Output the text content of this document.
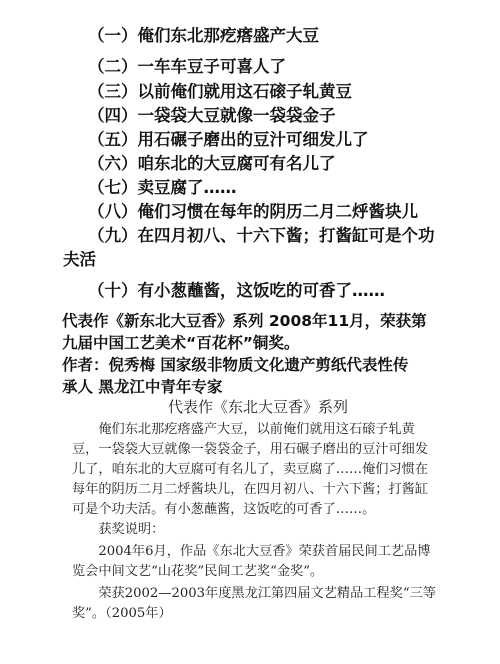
（一）俺们东北那疙瘩盛产大豆
（二）一车车豆子可喜人了
（三）以前俺们就用这石磙子轧黄豆
（四）一袋袋大豆就像一袋袋金子
（五）用石碾子磨出的豆汁可细发儿了
（六）咱东北的大豆腐可有名儿了
（七）卖豆腐了……
（八）俺们习惯在每年的阴历二月二烀酱块儿
（九）在四月初八、十六下酱；打酱缸可是个功
夫活
（十）有小葱蘸酱，这饭吃的可香了……
代表作《新东北大豆香》系列 2008年11月，荣获第
九届中国工艺美术“百花杯”铜奖。
作者：倪秀梅 国家级非物质文化遗产剪纸代表性传
承人 黑龙江中青年专家
代表作《东北大豆香》系列
　　俺们东北那疙瘩盛产大豆，以前俺们就用这石磙子轧黄
豆，一袋袋大豆就像一袋袋金子，用石碾子磨出的豆汁可细发
儿了，咱东北的大豆腐可有名儿了，卖豆腐了……俺们习惯在
每年的阴历二月二烀酱块儿，在四月初八、十六下酱；打酱缸
可是个功夫活。有小葱蘸酱，这饭吃的可香了……。
　　获奖说明：
　　2004年6月，作品《东北大豆香》荣获首届民间工艺品博
览会中间文艺“山花奖”民间工艺奖“金奖”。
　　荣获2002—2003年度黑龙江第四届文艺精品工程奖“三等
奖”。（2005年）
